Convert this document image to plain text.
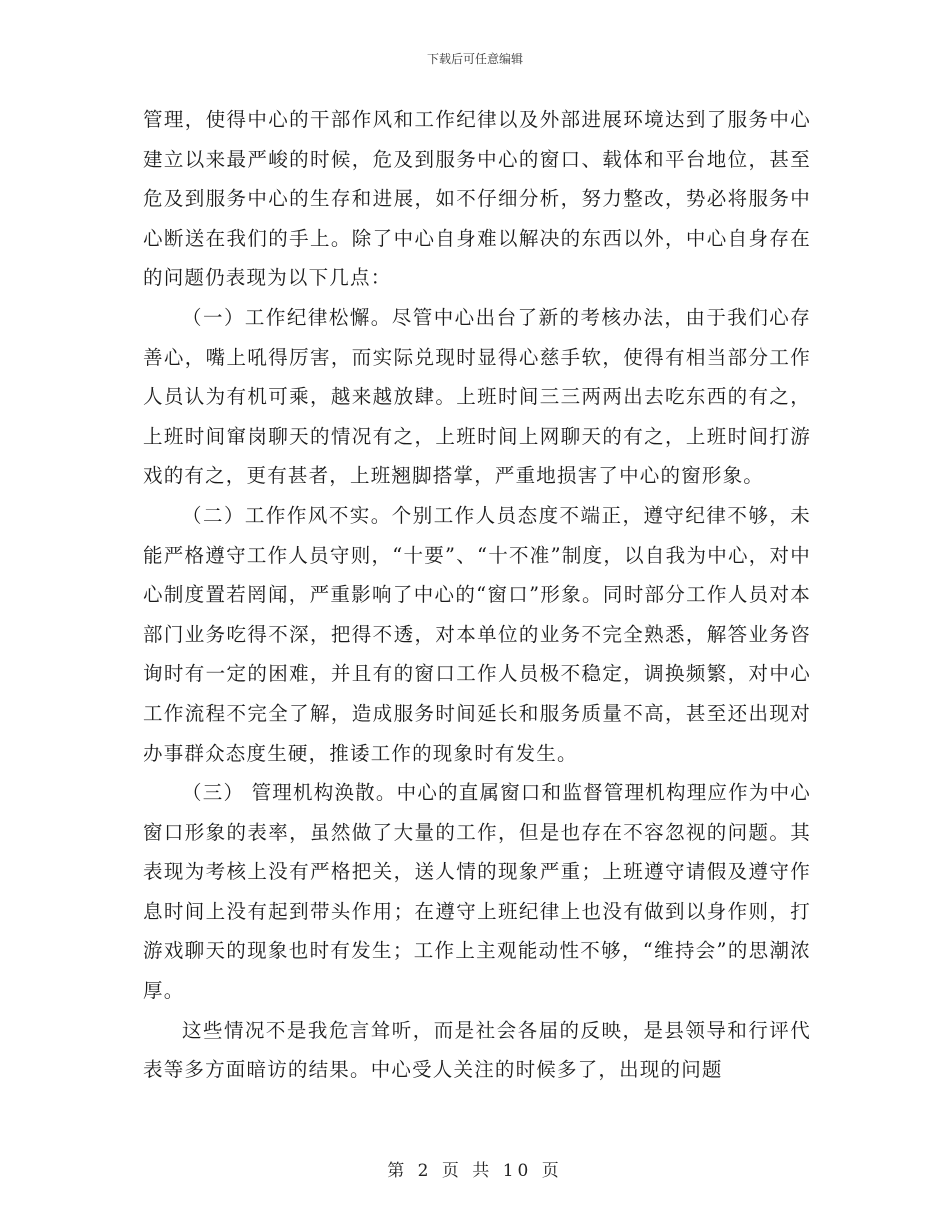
下载后可任意编辑

管理，使得中心的干部作风和工作纪律以及外部进展环境达到了服务中心建立以来最严峻的时候，危及到服务中心的窗口、载体和平台地位，甚至危及到服务中心的生存和进展，如不仔细分析，努力整改，势必将服务中心断送在我们的手上。除了中心自身难以解决的东西以外，中心自身存在的问题仍表现为以下几点：

（一）工作纪律松懈。尽管中心出台了新的考核办法，由于我们心存善心，嘴上吼得厉害，而实际兑现时显得心慈手软，使得有相当部分工作人员认为有机可乘，越来越放肆。上班时间三三两两出去吃东西的有之，上班时间窜岗聊天的情况有之，上班时间上网聊天的有之，上班时间打游戏的有之，更有甚者，上班翘脚搭掌，严重地损害了中心的窗形象。

（二）工作作风不实。个别工作人员态度不端正，遵守纪律不够，未能严格遵守工作人员守则，“十要”、“十不准”制度，以自我为中心，对中心制度置若罔闻，严重影响了中心的“窗口”形象。同时部分工作人员对本部门业务吃得不深，把得不透，对本单位的业务不完全熟悉，解答业务咨询时有一定的困难，并且有的窗口工作人员极不稳定，调换频繁，对中心工作流程不完全了解，造成服务时间延长和服务质量不高，甚至还出现对办事群众态度生硬，推诿工作的现象时有发生。

（三） 管理机构涣散。中心的直属窗口和监督管理机构理应作为中心窗口形象的表率，虽然做了大量的工作，但是也存在不容忽视的问题。其表现为考核上没有严格把关，送人情的现象严重；上班遵守请假及遵守作息时间上没有起到带头作用；在遵守上班纪律上也没有做到以身作则，打游戏聊天的现象也时有发生；工作上主观能动性不够，“维持会”的思潮浓厚。

这些情况不是我危言耸听，而是社会各届的反映，是县领导和行评代表等多方面暗访的结果。中心受人关注的时候多了，出现的问题

第 2 页 共 10 页
